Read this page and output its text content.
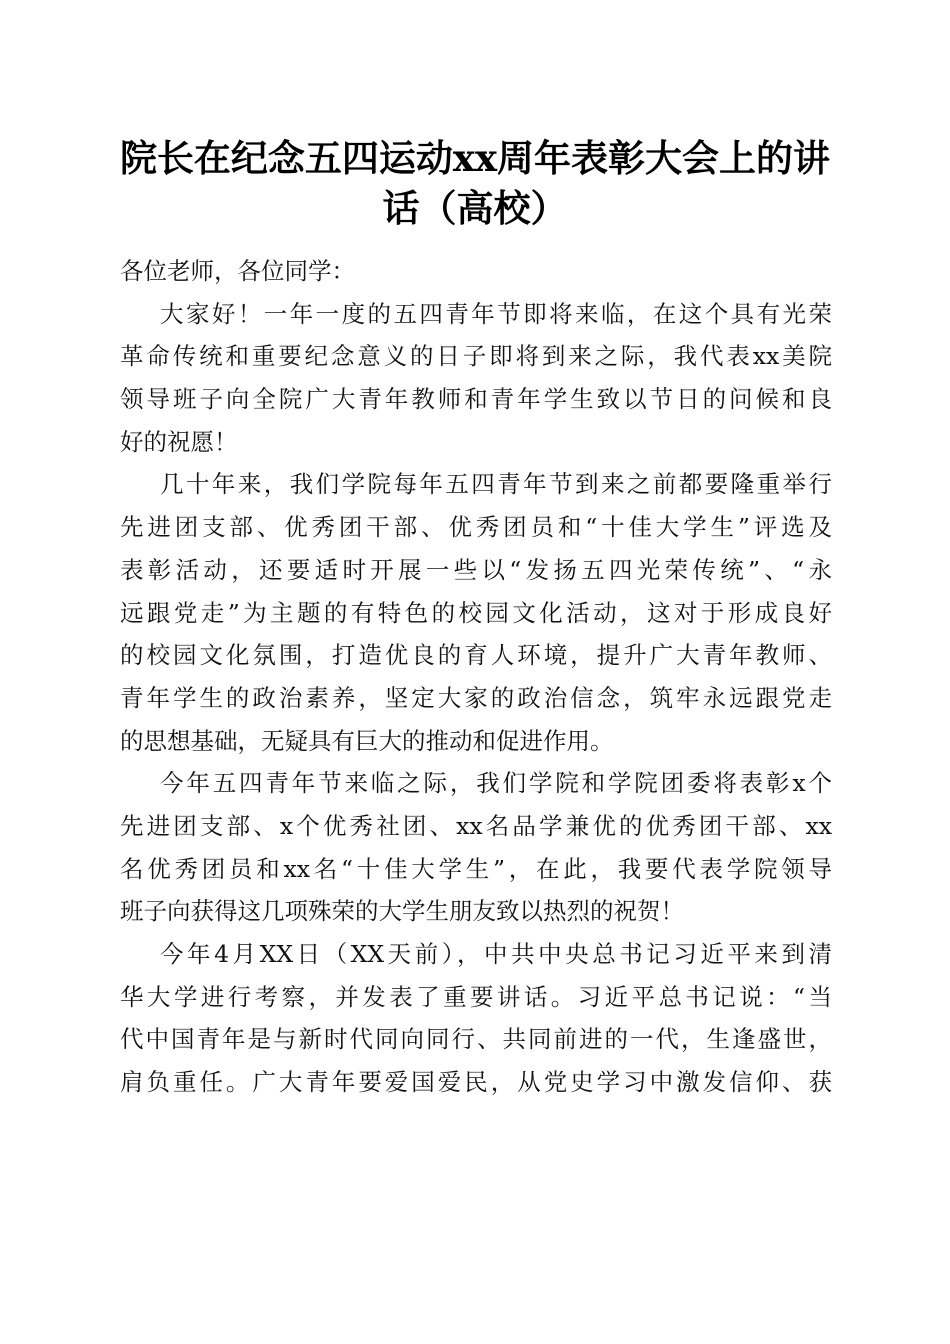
院长在纪念五四运动xx周年表彰大会上的讲
话（高校）
各位老师，各位同学：
大家好！一年一度的五四青年节即将来临，在这个具有光荣
革命传统和重要纪念意义的日子即将到来之际，我代表xx美院
领导班子向全院广大青年教师和青年学生致以节日的问候和良
好的祝愿！
几十年来，我们学院每年五四青年节到来之前都要隆重举行
先进团支部、优秀团干部、优秀团员和“十佳大学生”评选及
表彰活动，还要适时开展一些以“发扬五四光荣传统”、“永
远跟党走”为主题的有特色的校园文化活动，这对于形成良好
的校园文化氛围，打造优良的育人环境，提升广大青年教师、
青年学生的政治素养，坚定大家的政治信念，筑牢永远跟党走
的思想基础，无疑具有巨大的推动和促进作用。
今年五四青年节来临之际，我们学院和学院团委将表彰x个
先进团支部、x个优秀社团、xx名品学兼优的优秀团干部、xx
名优秀团员和xx名“十佳大学生”，在此，我要代表学院领导
班子向获得这几项殊荣的大学生朋友致以热烈的祝贺！
今年4月XX日（XX天前），中共中央总书记习近平来到清
华大学进行考察，并发表了重要讲话。习近平总书记说：“当
代中国青年是与新时代同向同行、共同前进的一代，生逢盛世，
肩负重任。广大青年要爱国爱民，从党史学习中激发信仰、获
